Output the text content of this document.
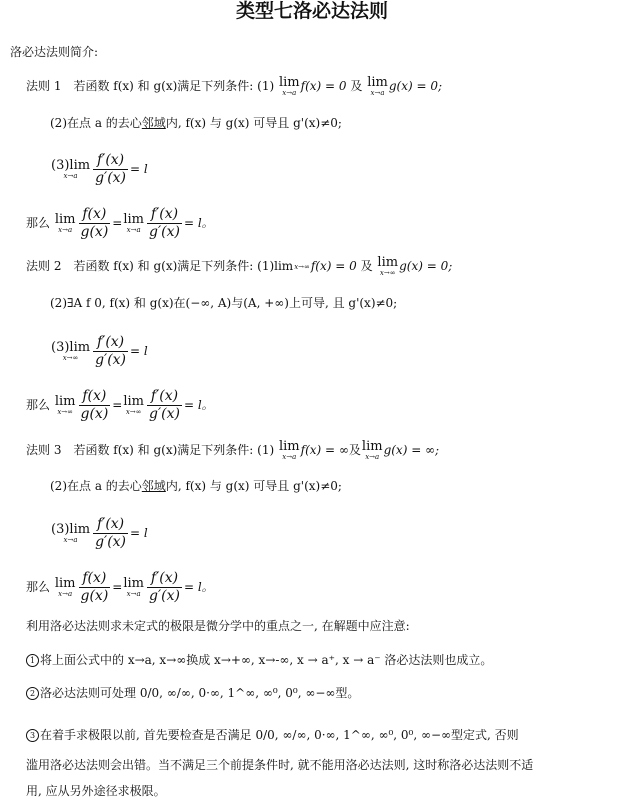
类型七洛必达法则
洛必达法则简介:
法则 1　若函数 f(x) 和 g(x)满足下列条件: (1) lim
x→a f(x) = 0 及 lim
x→a g(x) = 0;
(2)在点 a 的去心邻域内, f(x) 与 g(x) 可导且 g'(x)≠0;
(3)lim
x→a	$\frac{f'(x)}{g'(x)} = l$
那么 lim
$x\to a \frac{f(x)}{g(x)} = \lim$
$x\to a \frac{f'(x)}{g'(x)} = l$。
法则 2　若函数 f(x) 和 g(x)满足下列条件: (1)lim x→∞ f(x) = 0 及 lim
x→∞ g(x) = 0;
(2)∃A f 0, f(x) 和 g(x)在(−∞, A)与(A, +∞)上可导, 且 g'(x)≠0;
(3)lim
x→∞	$\frac{f'(x)}{g'(x)} = l$
那么 lim
$x\to\infty \frac{f(x)}{g(x)} = \lim$
$x\to\infty \frac{f'(x)}{g'(x)} = l$。
法则 3　若函数 f(x) 和 g(x)满足下列条件: (1) lim
x→a f(x) = ∞及 lim
x→a g(x) = ∞;
(2)在点 a 的去心邻域内, f(x) 与 g(x) 可导且 g'(x)≠0;
(3)lim
x→a	$\frac{f'(x)}{g'(x)} = l$
那么 lim
$x\to a \frac{f(x)}{g(x)} = \lim$
$x\to a \frac{f'(x)}{g'(x)} = l$。
利用洛必达法则求未定式的极限是微分学中的重点之一, 在解题中应注意:
1 将上面公式中的 x→a, x→∞换成 x→+∞, x→-∞, x → a⁺, x → a⁻ 洛必达法则也成立。
2 洛必达法则可处理 0/0, ∞/∞, 0·∞, 1^∞, ∞⁰, 0⁰, ∞−∞型。
3 在着手求极限以前, 首先要检查是否满足 0/0, ∞/∞, 0·∞, 1^∞, ∞⁰, 0⁰, ∞−∞型定式, 否则
滥用洛必达法则会出错。当不满足三个前提条件时, 就不能用洛必达法则, 这时称洛必达法则不适
用, 应从另外途径求极限。
